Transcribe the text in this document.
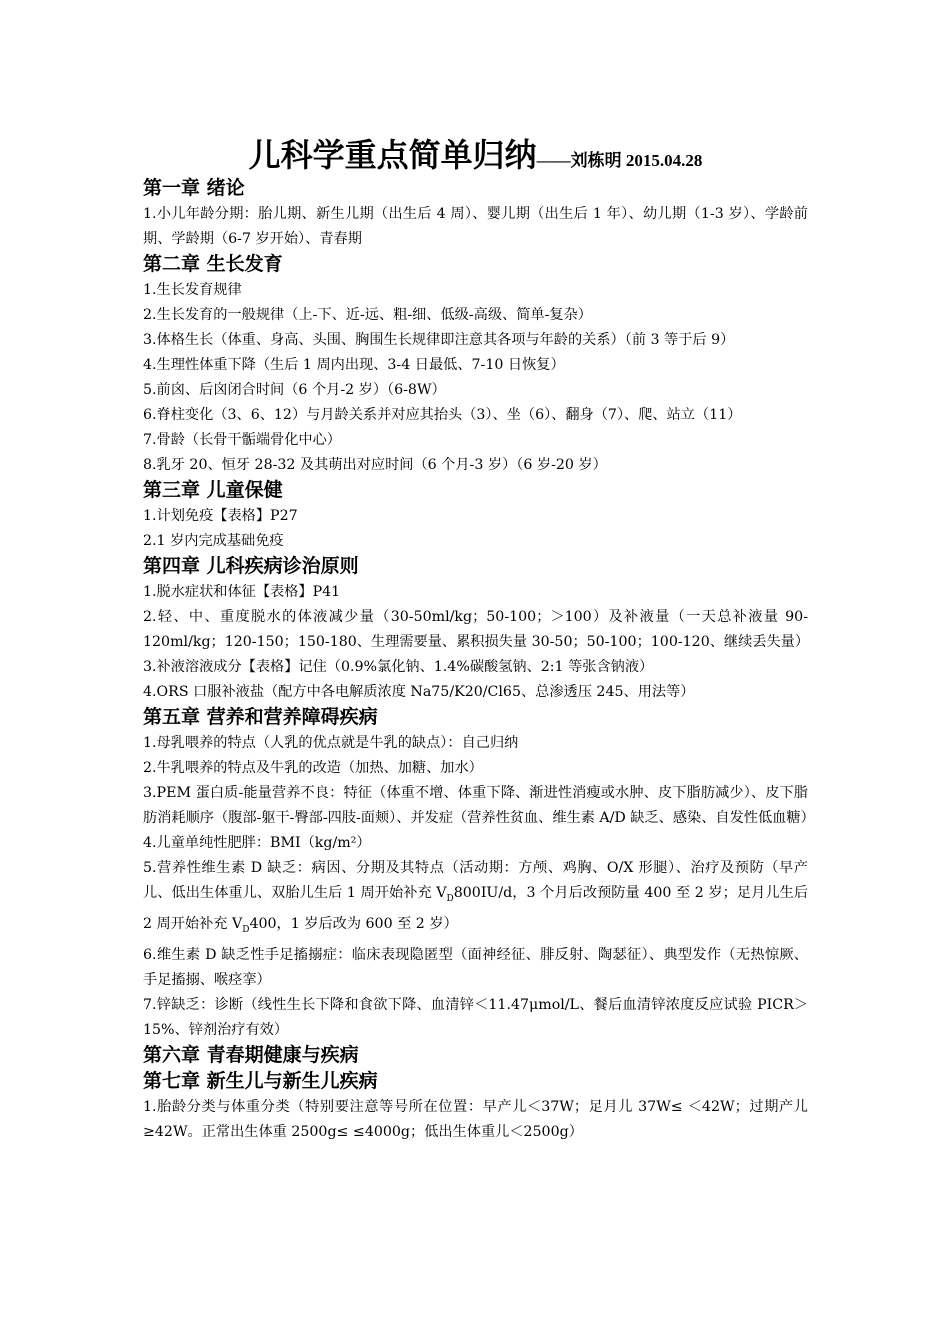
儿科学重点简单归纳——刘栋明 2015.04.28
第一章 绪论

1.小儿年龄分期：胎儿期、新生儿期（出生后 4 周）、婴儿期（出生后 1 年）、幼儿期（1-3 岁）、学龄前期、学龄期（6-7 岁开始）、青春期

第二章 生长发育

1.生长发育规律

2.生长发育的一般规律（上-下、近-远、粗-细、低级-高级、简单-复杂）

3.体格生长（体重、身高、头围、胸围生长规律即注意其各项与年龄的关系）（前 3 等于后 9）

4.生理性体重下降（生后 1 周内出现、3-4 日最低、7-10 日恢复）

5.前囟、后囟闭合时间（6 个月-2 岁）（6-8W）

6.脊柱变化（3、6、12）与月龄关系并对应其抬头（3）、坐（6）、翻身（7）、爬、站立（11）

7.骨龄（长骨干骺端骨化中心）

8.乳牙 20、恒牙 28-32 及其萌出对应时间（6 个月-3 岁）（6 岁-20 岁）

第三章 儿童保健

1.计划免疫【表格】P27

2.1 岁内完成基础免疫

第四章 儿科疾病诊治原则

1.脱水症状和体征【表格】P41

2.轻、中、重度脱水的体液减少量（30-50ml/kg；50-100；＞100）及补液量（一天总补液量 90-120ml/kg；120-150；150-180、生理需要量、累积损失量 30-50；50-100；100-120、继续丢失量）

3.补液溶液成分【表格】记住（0.9%氯化钠、1.4%碳酸氢钠、2:1 等张含钠液）

4.ORS 口服补液盐（配方中各电解质浓度 Na75/K20/Cl65、总渗透压 245、用法等）

第五章 营养和营养障碍疾病

1.母乳喂养的特点（人乳的优点就是牛乳的缺点）：自己归纳

2.牛乳喂养的特点及牛乳的改造（加热、加糖、加水）

3.PEM 蛋白质-能量营养不良：特征（体重不增、体重下降、渐进性消瘦或水肿、皮下脂肪减少）、皮下脂肪消耗顺序（腹部-躯干-臀部-四肢-面颊）、并发症（营养性贫血、维生素 A/D 缺乏、感染、自发性低血糖）

4.儿童单纯性肥胖：BMI（kg/m²）

5.营养性维生素 D 缺乏：病因、分期及其特点（活动期：方颅、鸡胸、O/X 形腿）、治疗及预防（早产儿、低出生体重儿、双胎儿生后 1 周开始补充 $V_D800IU/d$，3 个月后改预防量 400 至 2 岁；足月儿生后 2 周开始补充 $V_D400$，1 岁后改为 600 至 2 岁）

6.维生素 D 缺乏性手足搐搦症：临床表现隐匿型（面神经征、腓反射、陶瑟征）、典型发作（无热惊厥、手足搐搦、喉痉挛）

7.锌缺乏：诊断（线性生长下降和食欲下降、血清锌＜11.47μmol/L、餐后血清锌浓度反应试验 PICR＞15%、锌剂治疗有效）

第六章 青春期健康与疾病
第七章 新生儿与新生儿疾病

1.胎龄分类与体重分类（特别要注意等号所在位置：早产儿＜37W；足月儿 37W≤ ＜42W；过期产儿≥42W。正常出生体重 2500g≤ ≤4000g；低出生体重儿＜2500g）
